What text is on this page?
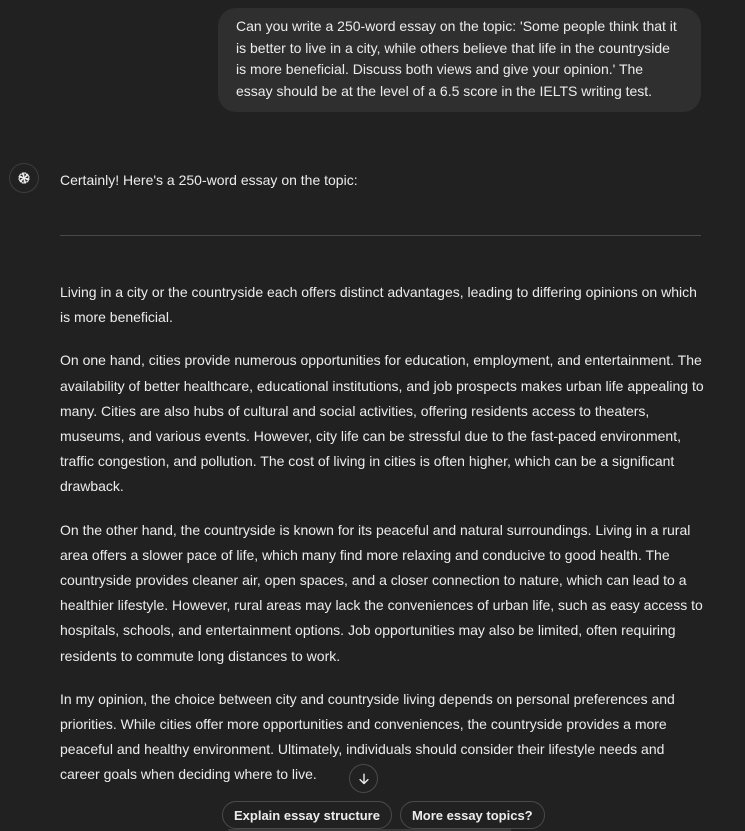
Can you write a 250-word essay on the topic: 'Some people think that it is better to live in a city, while others believe that life in the countryside is more beneficial. Discuss both views and give your opinion.' The essay should be at the level of a 6.5 score in the IELTS writing test.
Certainly! Here's a 250-word essay on the topic:

Living in a city or the countryside each offers distinct advantages, leading to differing opinions on which is more beneficial.

On one hand, cities provide numerous opportunities for education, employment, and entertainment. The availability of better healthcare, educational institutions, and job prospects makes urban life appealing to many. Cities are also hubs of cultural and social activities, offering residents access to theaters, museums, and various events. However, city life can be stressful due to the fast-paced environment, traffic congestion, and pollution. The cost of living in cities is often higher, which can be a significant drawback.

On the other hand, the countryside is known for its peaceful and natural surroundings. Living in a rural area offers a slower pace of life, which many find more relaxing and conducive to good health. The countryside provides cleaner air, open spaces, and a closer connection to nature, which can lead to a healthier lifestyle. However, rural areas may lack the conveniences of urban life, such as easy access to hospitals, schools, and entertainment options. Job opportunities may also be limited, often requiring residents to commute long distances to work.

In my opinion, the choice between city and countryside living depends on personal preferences and priorities. While cities offer more opportunities and conveniences, the countryside provides a more peaceful and healthy environment. Ultimately, individuals should consider their lifestyle needs and career goals when deciding where to live.

Explain essay structure	More essay topics?
